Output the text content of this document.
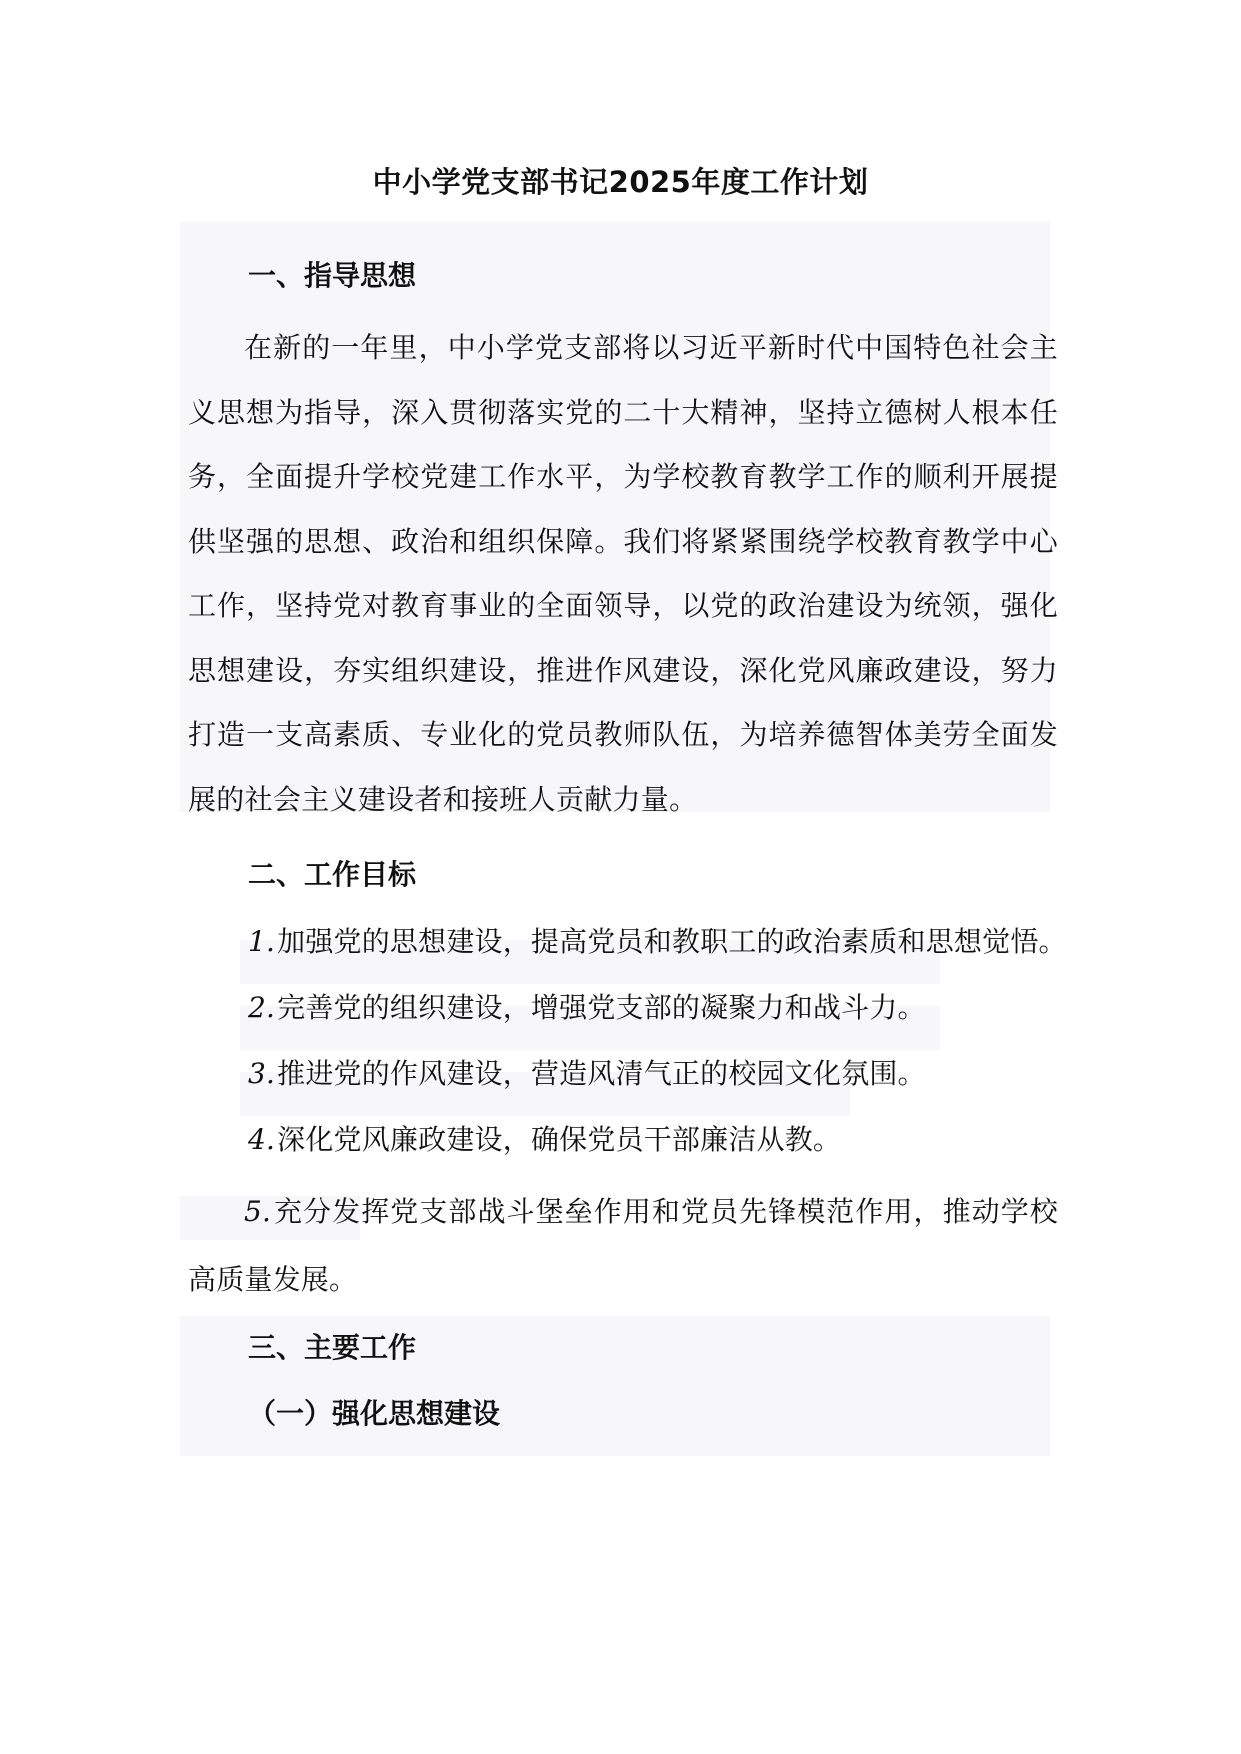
中小学党支部书记2025年度工作计划
一、指导思想
在新的一年里，中小学党支部将以习近平新时代中国特色社会主义思想为指导，深入贯彻落实党的二十大精神，坚持立德树人根本任务，全面提升学校党建工作水平，为学校教育教学工作的顺利开展提供坚强的思想、政治和组织保障。我们将紧紧围绕学校教育教学中心工作，坚持党对教育事业的全面领导，以党的政治建设为统领，强化思想建设，夯实组织建设，推进作风建设，深化党风廉政建设，努力打造一支高素质、专业化的党员教师队伍，为培养德智体美劳全面发展的社会主义建设者和接班人贡献力量。
二、工作目标
1.加强党的思想建设，提高党员和教职工的政治素质和思想觉悟。
2.完善党的组织建设，增强党支部的凝聚力和战斗力。
3.推进党的作风建设，营造风清气正的校园文化氛围。
4.深化党风廉政建设，确保党员干部廉洁从教。
5.充分发挥党支部战斗堡垒作用和党员先锋模范作用，推动学校高质量发展。
三、主要工作
（一）强化思想建设
